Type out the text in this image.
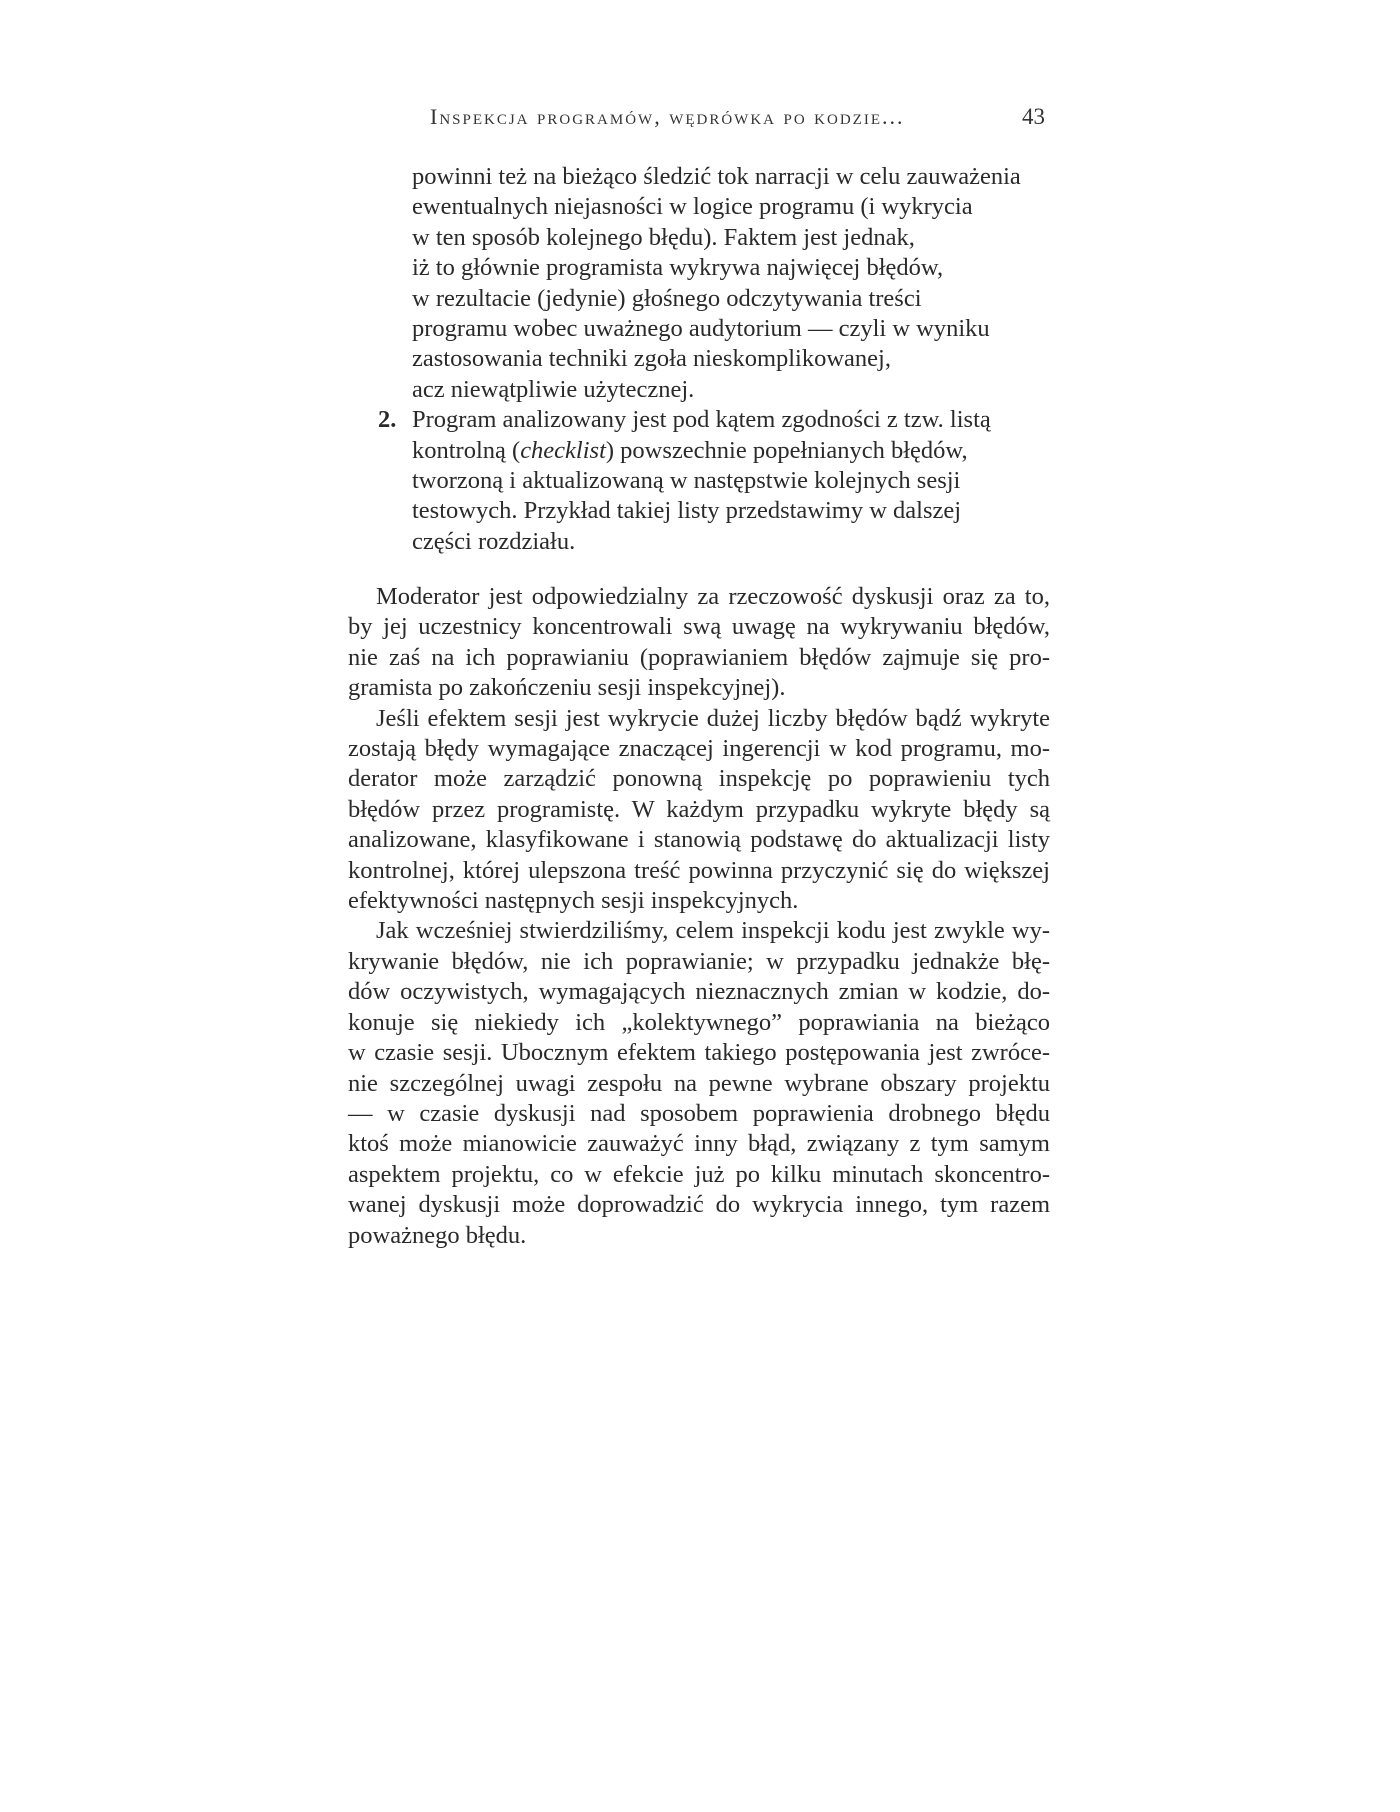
Inspekcja programów, wędrówka po kodzie...	43
powinni też na bieżąco śledzić tok narracji w celu zauważenia
ewentualnych niejasności w logice programu (i wykrycia
w ten sposób kolejnego błędu). Faktem jest jednak,
iż to głównie programista wykrywa najwięcej błędów,
w rezultacie (jedynie) głośnego odczytywania treści
programu wobec uważnego audytorium — czyli w wyniku
zastosowania techniki zgoła nieskomplikowanej,
acz niewątpliwie użytecznej.
2. Program analizowany jest pod kątem zgodności z tzw. listą
kontrolną (checklist) powszechnie popełnianych błędów,
tworzoną i aktualizowaną w następstwie kolejnych sesji
testowych. Przykład takiej listy przedstawimy w dalszej
części rozdziału.
Moderator jest odpowiedzialny za rzeczowość dyskusji oraz za to,
by jej uczestnicy koncentrowali swą uwagę na wykrywaniu błędów,
nie zaś na ich poprawianiu (poprawianiem błędów zajmuje się pro-
gramista po zakończeniu sesji inspekcyjnej).
Jeśli efektem sesji jest wykrycie dużej liczby błędów bądź wykryte
zostają błędy wymagające znaczącej ingerencji w kod programu, mo-
derator może zarządzić ponowną inspekcję po poprawieniu tych
błędów przez programistę. W każdym przypadku wykryte błędy są
analizowane, klasyfikowane i stanowią podstawę do aktualizacji listy
kontrolnej, której ulepszona treść powinna przyczynić się do większej
efektywności następnych sesji inspekcyjnych.
Jak wcześniej stwierdziliśmy, celem inspekcji kodu jest zwykle wy-
krywanie błędów, nie ich poprawianie; w przypadku jednakże błę-
dów oczywistych, wymagających nieznacznych zmian w kodzie, do-
konuje się niekiedy ich „kolektywnego” poprawiania na bieżąco
w czasie sesji. Ubocznym efektem takiego postępowania jest zwróce-
nie szczególnej uwagi zespołu na pewne wybrane obszary projektu
— w czasie dyskusji nad sposobem poprawienia drobnego błędu
ktoś może mianowicie zauważyć inny błąd, związany z tym samym
aspektem projektu, co w efekcie już po kilku minutach skoncentro-
wanej dyskusji może doprowadzić do wykrycia innego, tym razem
poważnego błędu.
